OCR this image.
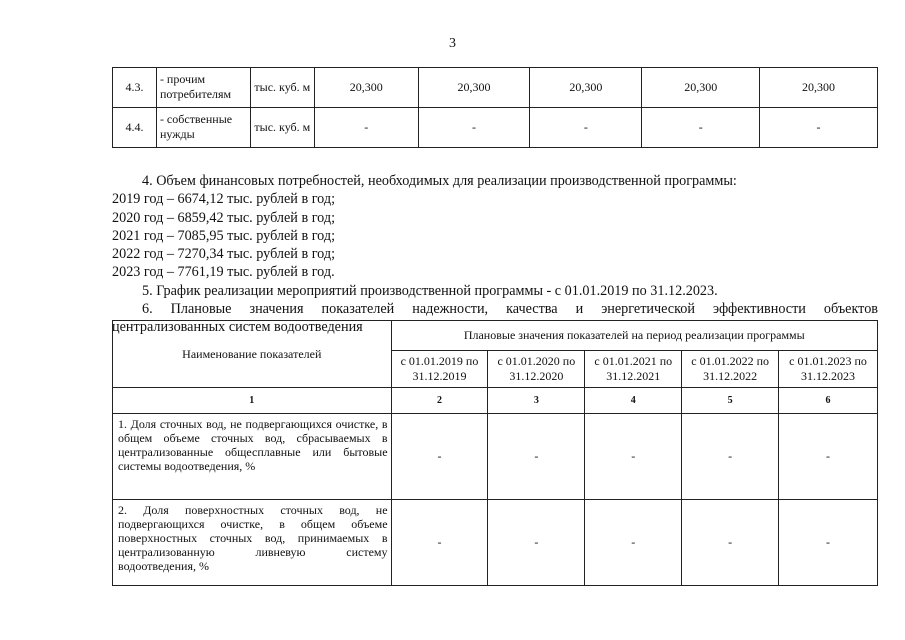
3
4.3.	- прочим потребителям	тыс. куб. м	20,300	20,300	20,300	20,300	20,300
4.4.	- собственные нужды	тыс. куб. м	-	-	-	-	-
4. Объем финансовых потребностей, необходимых для реализации производственной программы:
2019 год – 6674,12 тыс. рублей в год;
2020 год – 6859,42 тыс. рублей в год;
2021 год – 7085,95 тыс. рублей в год;
2022 год – 7270,34 тыс. рублей в год;
2023 год – 7761,19 тыс. рублей в год.
5. График реализации мероприятий производственной программы - с 01.01.2019 по 31.12.2023.
6. Плановые значения показателей надежности, качества и энергетической эффективности объектов
централизованных систем водоотведения
Наименование показателей	Плановые значения показателей на период реализации программы				
	с 01.01.2019 по 31.12.2019	с 01.01.2020 по 31.12.2020	с 01.01.2021 по 31.12.2021	с 01.01.2022 по 31.12.2022	с 01.01.2023 по 31.12.2023
1	2	3	4	5	6
1. Доля сточных вод, не подвергающихся очистке, в общем объеме сточных вод, сбрасываемых в централизованные общесплавные или бытовые системы водоотведения, %	-	-	-	-	-
2. Доля поверхностных сточных вод, не подвергающихся очистке, в общем объеме поверхностных сточных вод, принимаемых в централизованную ливневую систему водоотведения, %	-	-	-	-	-
